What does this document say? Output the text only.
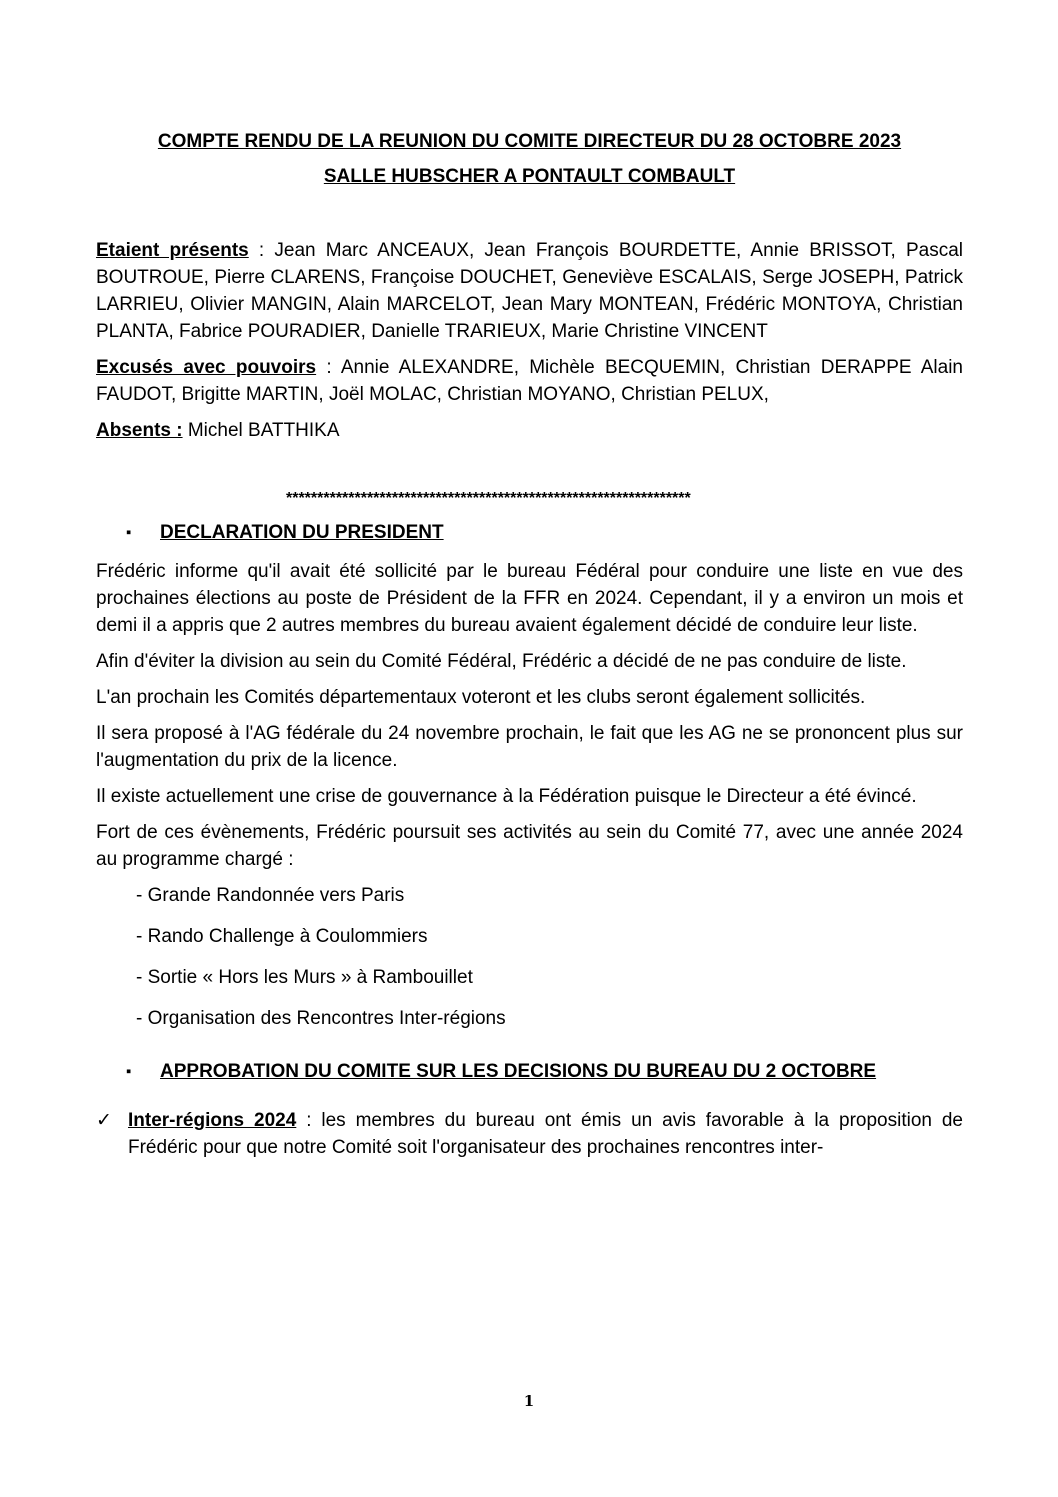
COMPTE RENDU DE LA REUNION DU COMITE DIRECTEUR DU 28 OCTOBRE 2023

SALLE HUBSCHER A PONTAULT COMBAULT

Etaient présents : Jean Marc ANCEAUX, Jean François BOURDETTE, Annie BRISSOT, Pascal BOUTROUE, Pierre CLARENS, Françoise DOUCHET, Geneviève ESCALAIS, Serge JOSEPH, Patrick LARRIEU, Olivier MANGIN, Alain MARCELOT, Jean Mary MONTEAN, Frédéric MONTOYA, Christian PLANTA, Fabrice POURADIER, Danielle TRARIEUX, Marie Christine VINCENT

Excusés avec pouvoirs : Annie ALEXANDRE, Michèle BECQUEMIN, Christian DERAPPE Alain FAUDOT, Brigitte MARTIN, Joël MOLAC, Christian MOYANO, Christian PELUX,

Absents : Michel BATTHIKA

*****************************************************************

▪ DECLARATION DU PRESIDENT

Frédéric informe qu'il avait été sollicité par le bureau Fédéral pour conduire une liste en vue des prochaines élections au poste de Président de la FFR en 2024. Cependant, il y a environ un mois et demi il a appris que 2 autres membres du bureau avaient également décidé de conduire leur liste.

Afin d'éviter la division au sein du Comité Fédéral, Frédéric a décidé de ne pas conduire de liste.

L'an prochain les Comités départementaux voteront et les clubs seront également sollicités.

Il sera proposé à l'AG fédérale du 24 novembre prochain, le fait que les AG ne se prononcent plus sur l'augmentation du prix de la licence.

Il existe actuellement une crise de gouvernance à la Fédération puisque le Directeur a été évincé.

Fort de ces évènements, Frédéric poursuit ses activités au sein du Comité 77, avec une année 2024 au programme chargé :

- Grande Randonnée vers Paris
- Rando Challenge à Coulommiers
- Sortie « Hors les Murs » à Rambouillet
- Organisation des Rencontres Inter-régions

▪ APPROBATION DU COMITE SUR LES DECISIONS DU BUREAU DU 2 OCTOBRE

✓ Inter-régions 2024 : les membres du bureau ont émis un avis favorable à la proposition de Frédéric pour que notre Comité soit l'organisateur des prochaines rencontres inter-

1
